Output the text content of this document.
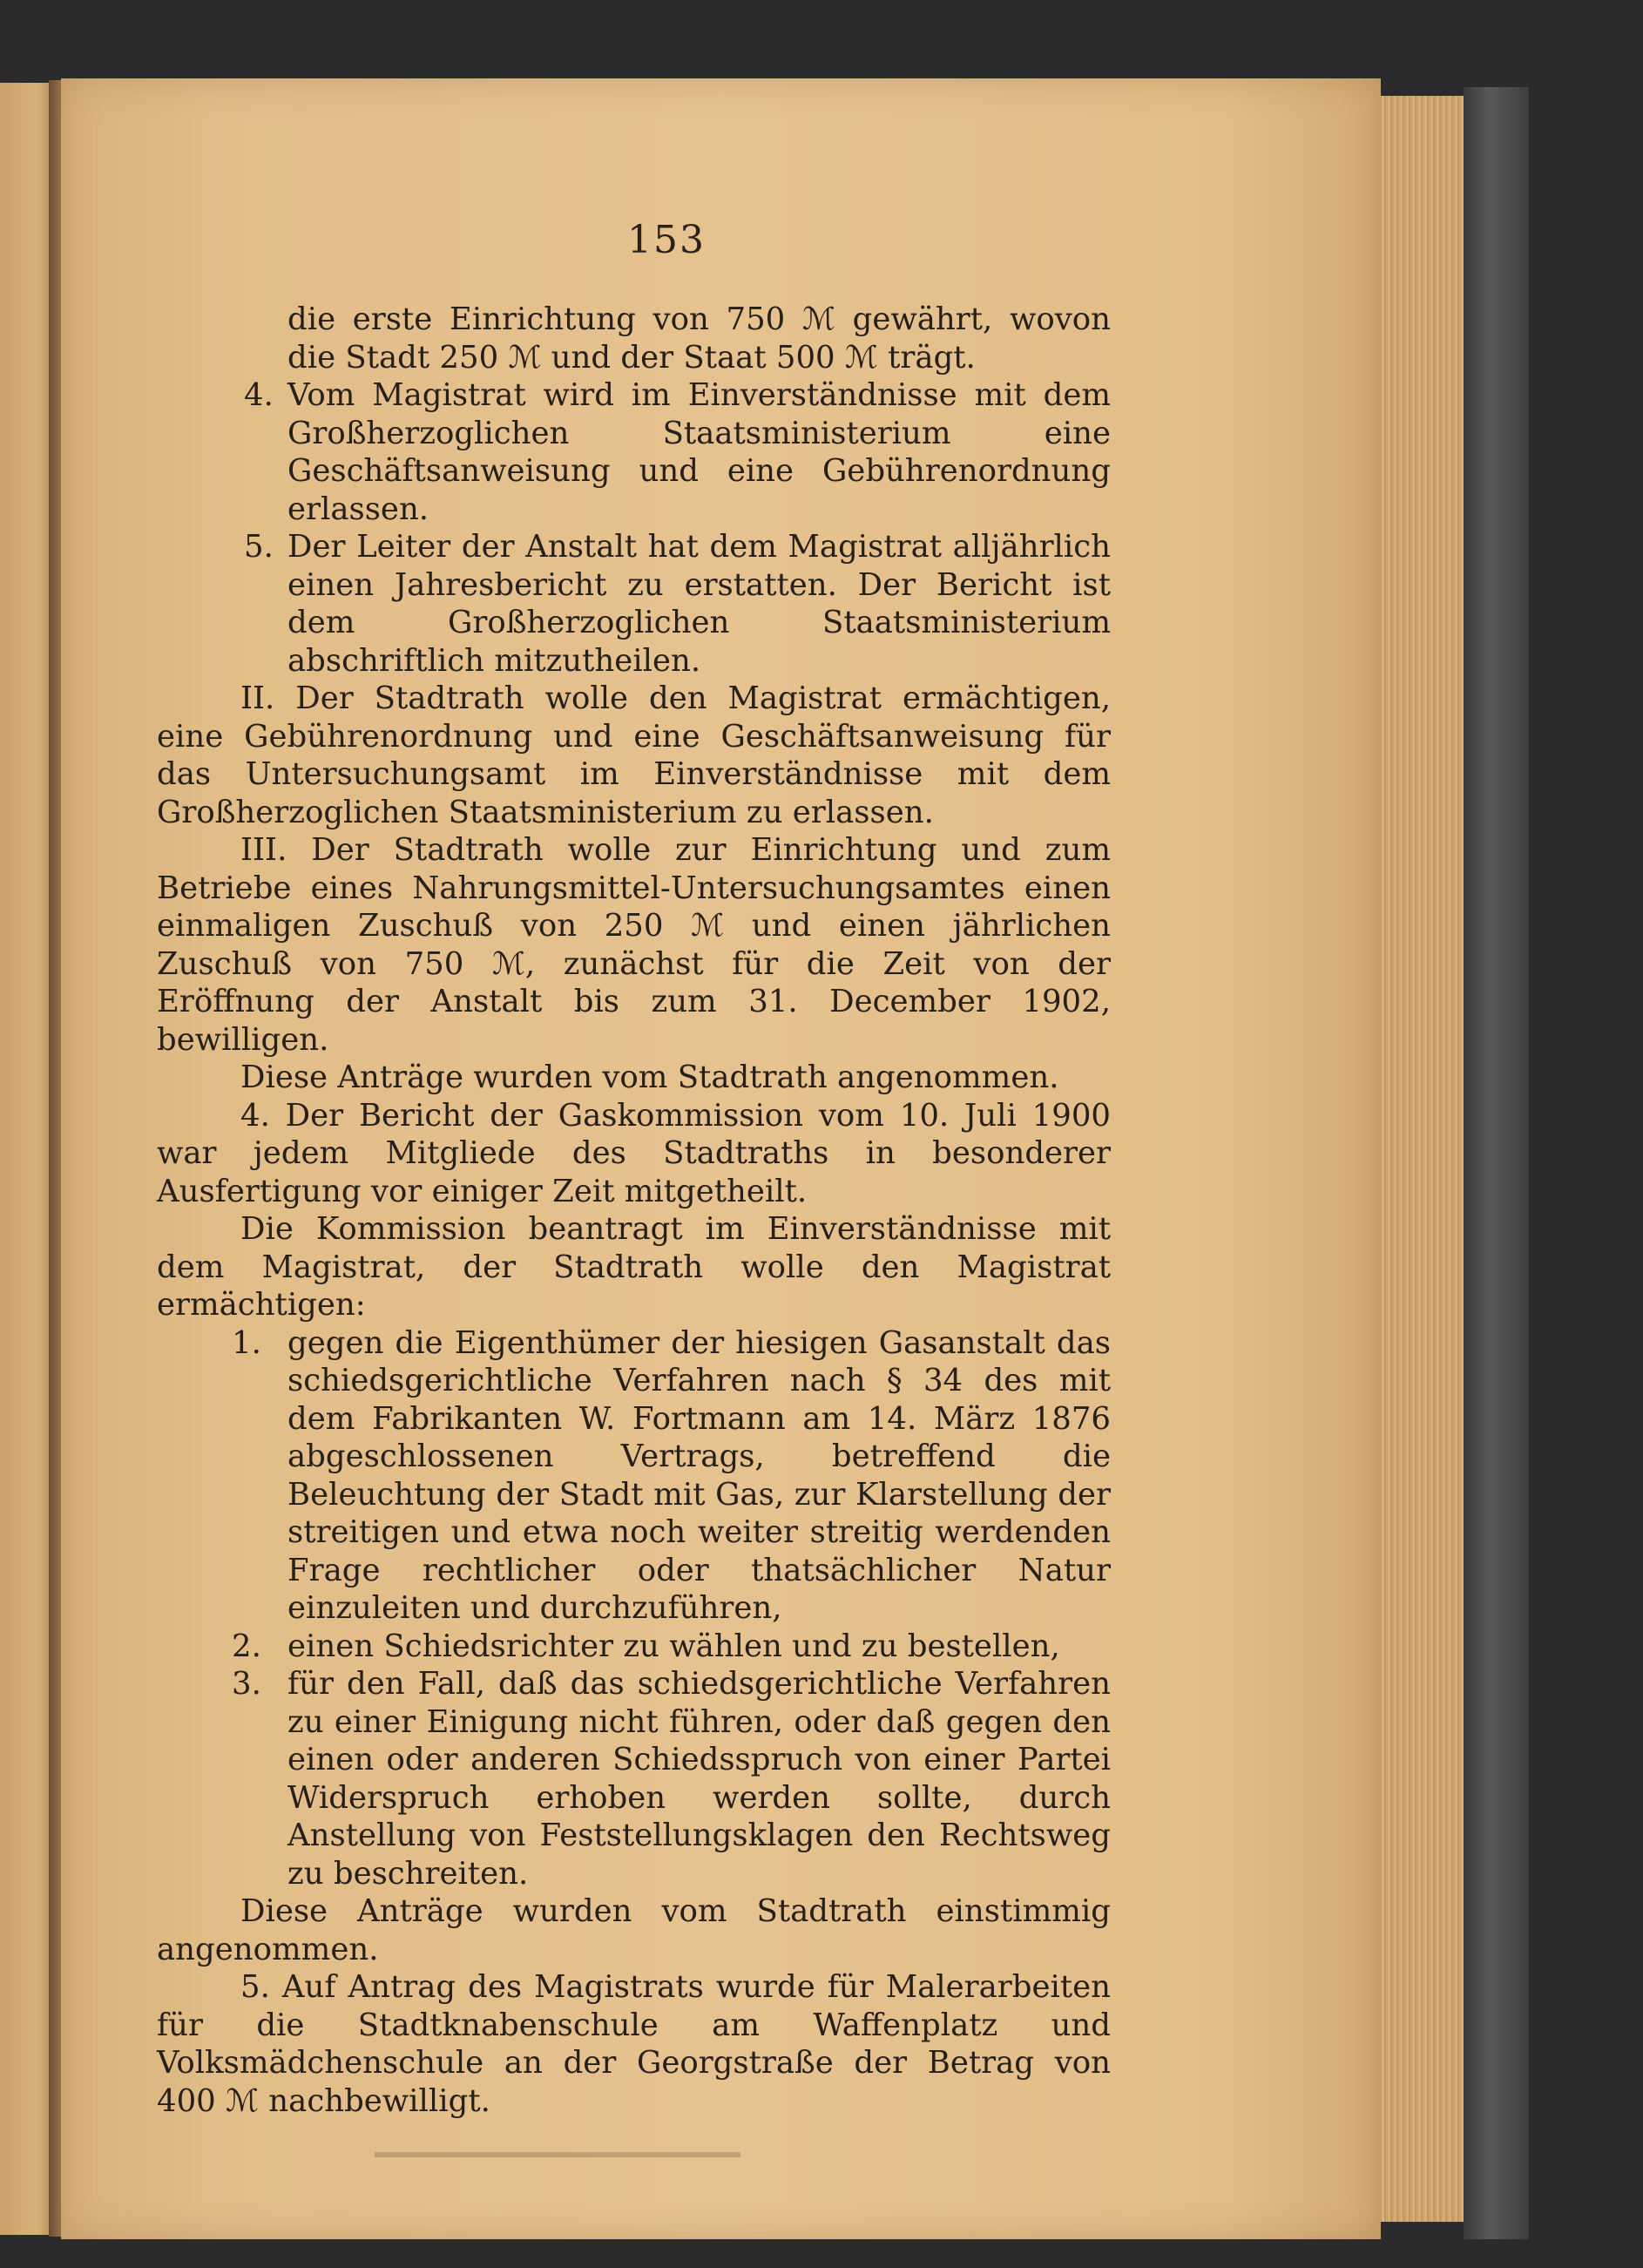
153

die erste Einrichtung von 750 ℳ gewährt, wovon die Stadt 250 ℳ und der Staat 500 ℳ trägt.

4. Vom Magistrat wird im Einverständnisse mit dem Großherzoglichen Staatsministerium eine Geschäftsanweisung und eine Gebührenordnung erlassen.

5. Der Leiter der Anstalt hat dem Magistrat alljährlich einen Jahresbericht zu erstatten. Der Bericht ist dem Großherzoglichen Staatsministerium abschriftlich mitzutheilen.

II. Der Stadtrath wolle den Magistrat ermächtigen, eine Gebührenordnung und eine Geschäftsanweisung für das Untersuchungsamt im Einverständnisse mit dem Großherzoglichen Staatsministerium zu erlassen.

III. Der Stadtrath wolle zur Einrichtung und zum Betriebe eines Nahrungsmittel-Untersuchungsamtes einen einmaligen Zuschuß von 250 ℳ und einen jährlichen Zuschuß von 750 ℳ, zunächst für die Zeit von der Eröffnung der Anstalt bis zum 31. December 1902, bewilligen.

Diese Anträge wurden vom Stadtrath angenommen.

4. Der Bericht der Gaskommission vom 10. Juli 1900 war jedem Mitgliede des Stadtraths in besonderer Ausfertigung vor einiger Zeit mitgetheilt.

Die Kommission beantragt im Einverständnisse mit dem Magistrat, der Stadtrath wolle den Magistrat ermächtigen:

1. gegen die Eigenthümer der hiesigen Gasanstalt das schiedsgerichtliche Verfahren nach § 34 des mit dem Fabrikanten W. Fortmann am 14. März 1876 abgeschlossenen Vertrags, betreffend die Beleuchtung der Stadt mit Gas, zur Klarstellung der streitigen und etwa noch weiter streitig werdenden Frage rechtlicher oder thatsächlicher Natur einzuleiten und durchzuführen,

2. einen Schiedsrichter zu wählen und zu bestellen,

3. für den Fall, daß das schiedsgerichtliche Verfahren zu einer Einigung nicht führen, oder daß gegen den einen oder anderen Schiedsspruch von einer Partei Widerspruch erhoben werden sollte, durch Anstellung von Feststellungsklagen den Rechtsweg zu beschreiten.

Diese Anträge wurden vom Stadtrath einstimmig angenommen.

5. Auf Antrag des Magistrats wurde für Malerarbeiten für die Stadtknabenschule am Waffenplatz und Volksmädchenschule an der Georgstraße der Betrag von 400 ℳ nachbewilligt.
